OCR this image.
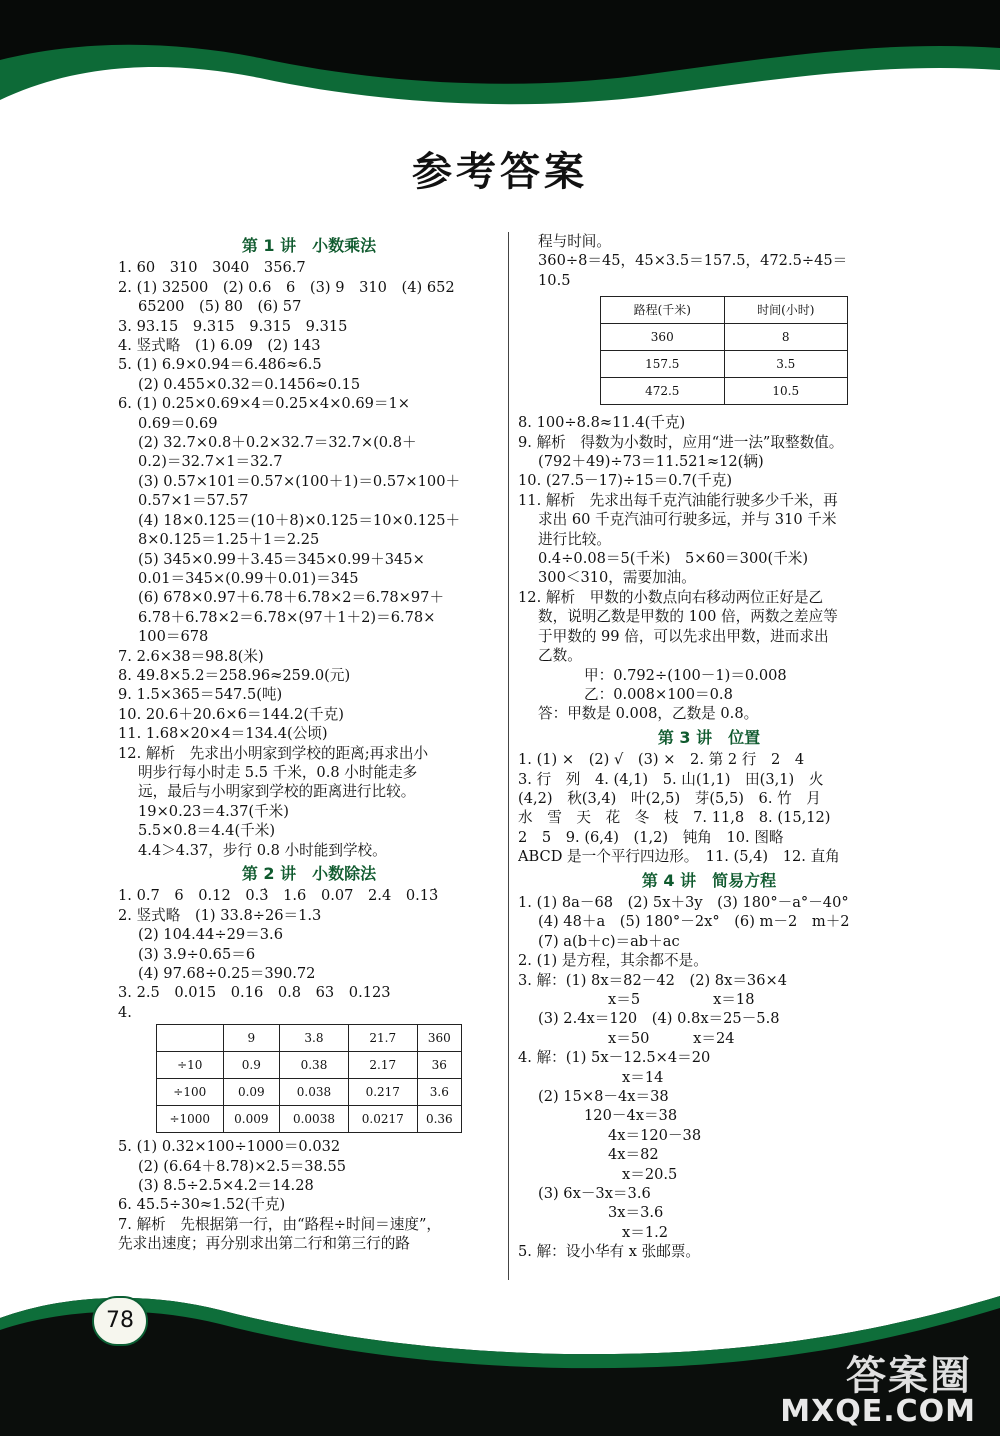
参考答案
第 1 讲　小数乘法
1. 60　310　3040　356.7
2. (1) 32500　(2) 0.6　6　(3) 9　310　(4) 652
65200　(5) 80　(6) 57
3. 93.15　9.315　9.315　9.315
4. 竖式略　(1) 6.09　(2) 143
5. (1) 6.9×0.94＝6.486≈6.5
(2) 0.455×0.32＝0.1456≈0.15
6. (1) 0.25×0.69×4＝0.25×4×0.69＝1×
0.69＝0.69
(2) 32.7×0.8＋0.2×32.7＝32.7×(0.8＋
0.2)＝32.7×1＝32.7
(3) 0.57×101＝0.57×(100＋1)＝0.57×100＋
0.57×1＝57.57
(4) 18×0.125＝(10＋8)×0.125＝10×0.125＋
8×0.125＝1.25＋1＝2.25
(5) 345×0.99＋3.45＝345×0.99＋345×
0.01＝345×(0.99＋0.01)＝345
(6) 678×0.97＋6.78＋6.78×2＝6.78×97＋
6.78＋6.78×2＝6.78×(97＋1＋2)＝6.78×
100＝678
7. 2.6×38＝98.8(米)
8. 49.8×5.2＝258.96≈259.0(元)
9. 1.5×365＝547.5(吨)
10. 20.6＋20.6×6＝144.2(千克)
11. 1.68×20×4＝134.4(公顷)
12. 解析　先求出小明家到学校的距离;再求出小
明步行每小时走 5.5 千米，0.8 小时能走多
远，最后与小明家到学校的距离进行比较。
19×0.23＝4.37(千米)
5.5×0.8＝4.4(千米)
4.4＞4.37，步行 0.8 小时能到学校。
第 2 讲　小数除法
1. 0.7　6　0.12　0.3̇　1.6　0.07　2.4　0.13̇
2. 竖式略　(1) 33.8÷26＝1.3
(2) 104.44÷29＝3.6
(3) 3.9÷0.65＝6
(4) 97.68÷0.25＝390.72
3. 2.5　0.015　0.16　0.8　63　0.123
4.
	9	3.8	21.7	360
÷10	0.9	0.38	2.17	36
÷100	0.09	0.038	0.217	3.6
÷1000	0.009	0.0038	0.0217	0.36
5. (1) 0.32×100÷1000＝0.032
(2) (6.64＋8.78)×2.5＝38.55
(3) 8.5÷2.5×4.2＝14.28
6. 45.5÷30≈1.52(千克)
7. 解析　先根据第一行，由“路程÷时间＝速度”，
先求出速度；再分别求出第二行和第三行的路
程与时间。
360÷8＝45，45×3.5＝157.5，472.5÷45＝
10.5
路程(千米)	时间(小时)
360	8
157.5	3.5
472.5	10.5
8. 100÷8.8≈11.4(千克)
9. 解析　得数为小数时，应用“进一法”取整数值。
(792＋49)÷73＝11.521≈12(辆)
10. (27.5－17)÷15＝0.7(千克)
11. 解析　先求出每千克汽油能行驶多少千米，再
求出 60 千克汽油可行驶多远，并与 310 千米
进行比较。
0.4÷0.08＝5(千米)　5×60＝300(千米)
300＜310，需要加油。
12. 解析　甲数的小数点向右移动两位正好是乙
数，说明乙数是甲数的 100 倍，两数之差应等
于甲数的 99 倍，可以先求出甲数，进而求出
乙数。
甲：0.792÷(100－1)＝0.008
乙：0.008×100＝0.8
答：甲数是 0.008，乙数是 0.8。
第 3 讲　位置
1. (1) ×　(2) √　(3) ×　2. 第 2 行　2　4
3. 行　列　4. (4,1)　5. 山(1,1)　田(3,1)　火
(4,2)　秋(3,4)　叶(2,5)　芽(5,5)　6. 竹　月
水　雪　天　花　冬　枝　7. 11,8　8. (15,12)
2　5　9. (6,4)　(1,2)　钝角　10. 图略
ABCD 是一个平行四边形。　11. (5,4)　12. 直角
第 4 讲　简易方程
1. (1) 8a－68　(2) 5x＋3y　(3) 180°－a°－40°
(4) 48＋a　(5) 180°－2x°　(6) m－2　m＋2
(7) a(b＋c)＝ab＋ac
2. (1) 是方程，其余都不是。
3. 解：(1) 8x＝82－42　(2) 8x＝36×4
x＝5　　　　　x＝18
(3) 2.4x＝120　(4) 0.8x＝25－5.8
x＝50　　　x＝24
4. 解：(1) 5x－12.5×4＝20
x＝14
(2) 15×8－4x＝38
120－4x＝38
4x＝120－38
4x＝82
x＝20.5
(3) 6x－3x＝3.6
3x＝3.6
x＝1.2
5. 解：设小华有 x 张邮票。
78
答案圈
MXQE.COM
